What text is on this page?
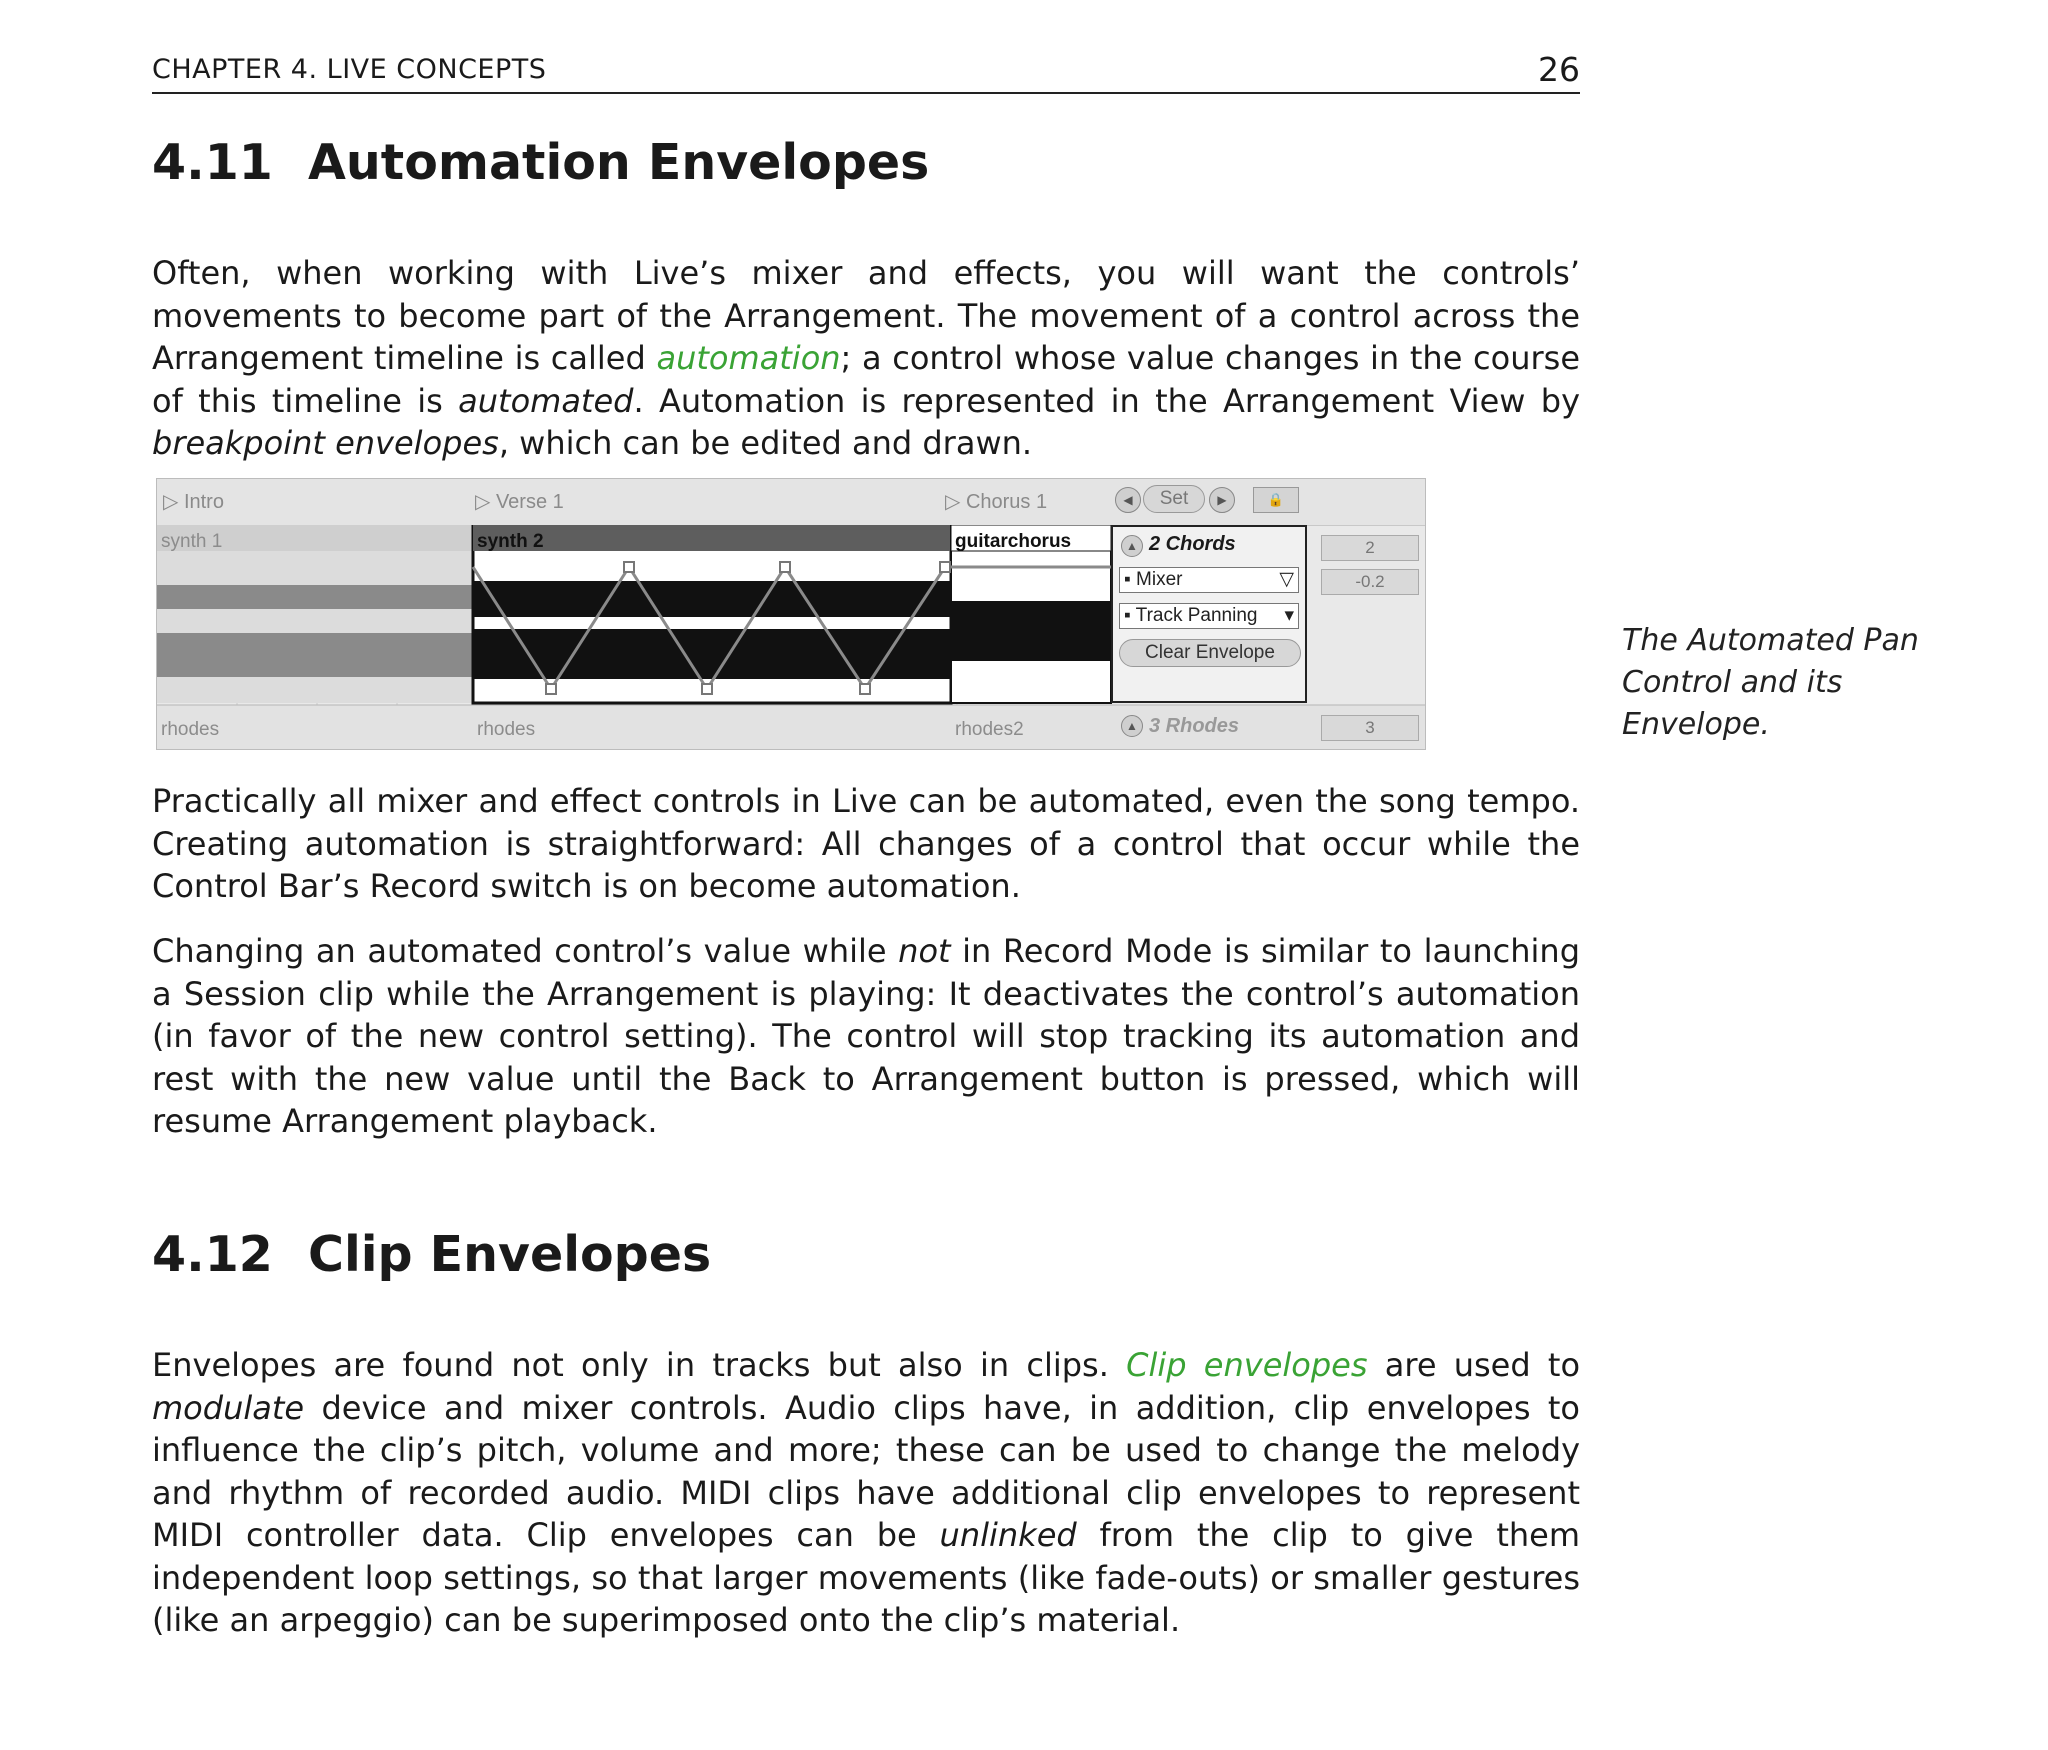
CHAPTER 4. LIVE CONCEPTS	26
4.11 Automation Envelopes

Often, when working with Live’s mixer and effects, you will want the controls’ movements to become part of the Arrangement. The movement of a control across the Arrangement timeline is called automation; a control whose value changes in the course of this timeline is automated. Automation is represented in the Arrangement View by breakpoint envelopes, which can be edited and drawn.

▷ Intro	▷ Verse 1	▷ Chorus 1	◀	Set	▶	🔒
synth 1	synth 2	guitarchorus
rhodes	rhodes	rhodes2
▲ 2 Chords
▪ Mixer	▽
▪ Track Panning ▾
Clear Envelope
2
-0.2
▲ 3 Rhodes	3
The Automated Pan Control and its Envelope.

Practically all mixer and effect controls in Live can be automated, even the song tempo. Creating automation is straightforward: All changes of a control that occur while the Control Bar’s Record switch is on become automation.

Changing an automated control’s value while not in Record Mode is similar to launching a Session clip while the Arrangement is playing: It deactivates the control’s automation (in favor of the new control setting). The control will stop tracking its automation and rest with the new value until the Back to Arrangement button is pressed, which will resume Arrangement playback.

4.12 Clip Envelopes

Envelopes are found not only in tracks but also in clips. Clip envelopes are used to modulate device and mixer controls. Audio clips have, in addition, clip envelopes to influence the clip’s pitch, volume and more; these can be used to change the melody and rhythm of recorded audio. MIDI clips have additional clip envelopes to represent MIDI controller data. Clip envelopes can be unlinked from the clip to give them independent loop settings, so that larger movements (like fade-outs) or smaller gestures (like an arpeggio) can be superimposed onto the clip’s material.
